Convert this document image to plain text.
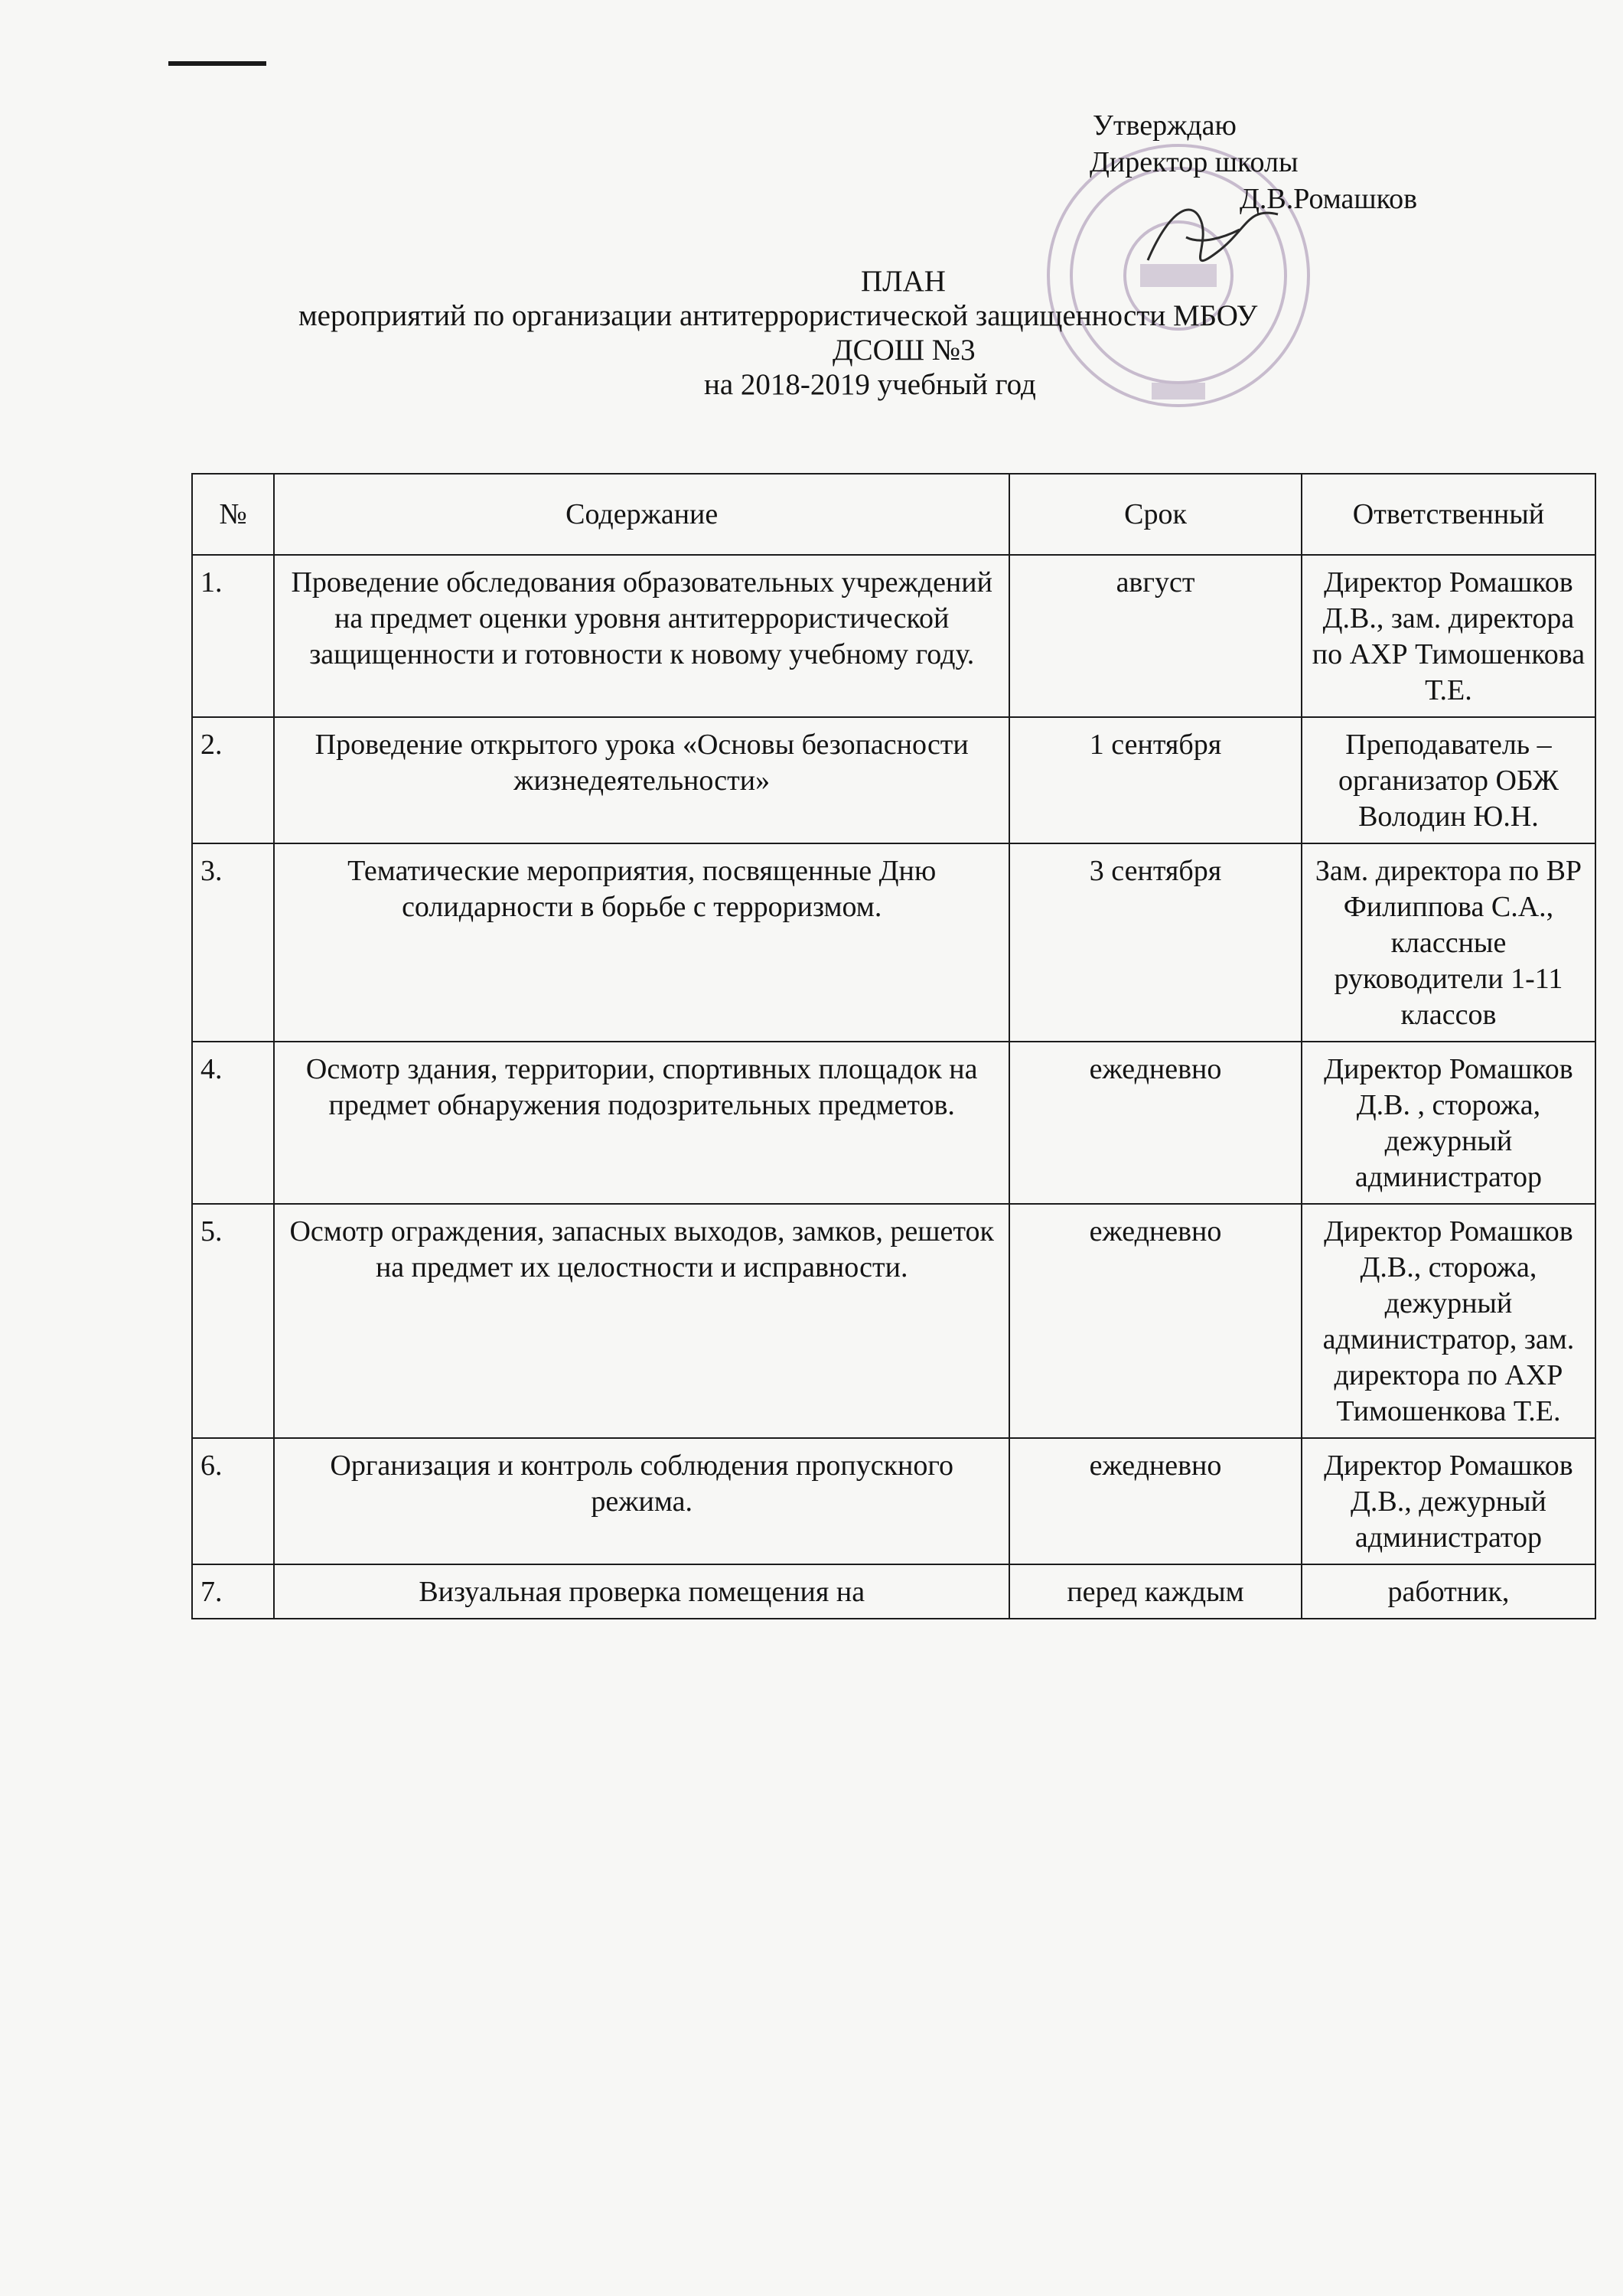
Утверждаю
Директор школы
Д.В.Ромашков
ПЛАН
мероприятий по организации антитеррористической защищенности МБОУ
ДСОШ №3
на 2018-2019 учебный год
№	Содержание	Срок	Ответственный
1.	Проведение обследования образовательных учреждений на предмет оценки уровня антитеррористической защищенности и готовности к новому учебному году.	август	Директор Ромашков Д.В., зам. директора по АХР Тимошенкова Т.Е.
2.	Проведение открытого урока «Основы безопасности жизнедеятельности»	1 сентября	Преподаватель –организатор ОБЖ Володин Ю.Н.
3.	Тематические мероприятия, посвященные Дню солидарности в борьбе с терроризмом.	3 сентября	Зам. директора по ВР Филиппова С.А., классные руководители 1-11 классов
4.	Осмотр здания, территории, спортивных площадок на предмет обнаружения подозрительных предметов.	ежедневно	Директор Ромашков Д.В. , сторожа, дежурный администратор
5.	Осмотр ограждения, запасных выходов, замков, решеток на предмет их целостности и исправности.	ежедневно	Директор Ромашков Д.В., сторожа, дежурный администратор, зам. директора по АХР Тимошенкова Т.Е.
6.	Организация и контроль соблюдения пропускного режима.	ежедневно	Директор Ромашков Д.В., дежурный администратор
7.	Визуальная проверка помещения на	перед каждым	работник,
